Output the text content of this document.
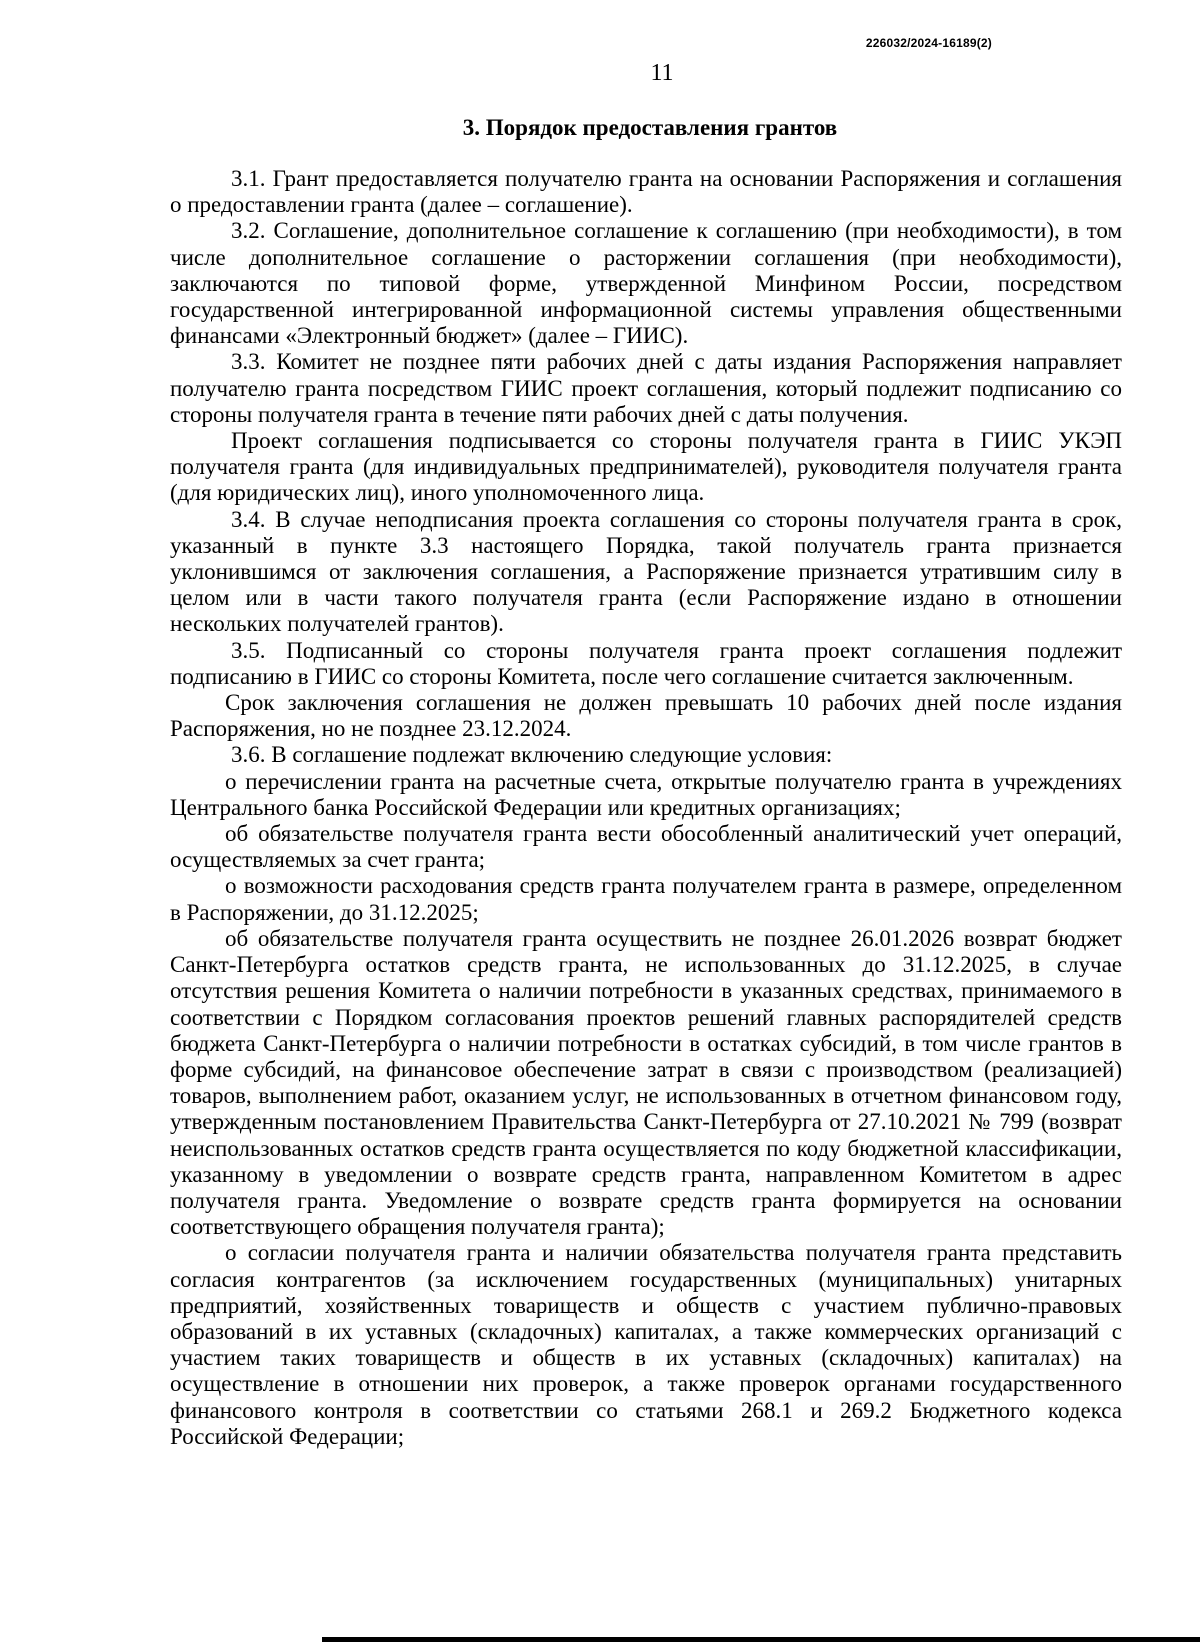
226032/2024-16189(2)
11
3. Порядок предоставления грантов

3.1. Грант предоставляется получателю гранта на основании Распоряжения и соглашения о предоставлении гранта (далее – соглашение).

3.2. Соглашение, дополнительное соглашение к соглашению (при необходимости), в том числе дополнительное соглашение о расторжении соглашения (при необходимости), заключаются по типовой форме, утвержденной Минфином России, посредством государственной интегрированной информационной системы управления общественными финансами «Электронный бюджет» (далее – ГИИС).

3.3. Комитет не позднее пяти рабочих дней с даты издания Распоряжения направляет получателю гранта посредством ГИИС проект соглашения, который подлежит подписанию со стороны получателя гранта в течение пяти рабочих дней с даты получения.

Проект соглашения подписывается со стороны получателя гранта в ГИИС УКЭП получателя гранта (для индивидуальных предпринимателей), руководителя получателя гранта (для юридических лиц), иного уполномоченного лица.

3.4. В случае неподписания проекта соглашения со стороны получателя гранта в срок, указанный в пункте 3.3 настоящего Порядка, такой получатель гранта признается уклонившимся от заключения соглашения, а Распоряжение признается утратившим силу в целом или в части такого получателя гранта (если Распоряжение издано в отношении нескольких получателей грантов).

3.5. Подписанный со стороны получателя гранта проект соглашения подлежит подписанию в ГИИС со стороны Комитета, после чего соглашение считается заключенным.

Срок заключения соглашения не должен превышать 10 рабочих дней после издания Распоряжения, но не позднее 23.12.2024.

3.6. В соглашение подлежат включению следующие условия:

о перечислении гранта на расчетные счета, открытые получателю гранта в учреждениях Центрального банка Российской Федерации или кредитных организациях;

об обязательстве получателя гранта вести обособленный аналитический учет операций, осуществляемых за счет гранта;

о возможности расходования средств гранта получателем гранта в размере, определенном в Распоряжении, до 31.12.2025;

об обязательстве получателя гранта осуществить не позднее 26.01.2026 возврат бюджет Санкт-Петербурга остатков средств гранта, не использованных до 31.12.2025, в случае отсутствия решения Комитета о наличии потребности в указанных средствах, принимаемого в соответствии с Порядком согласования проектов решений главных распорядителей средств бюджета Санкт-Петербурга о наличии потребности в остатках субсидий, в том числе грантов в форме субсидий, на финансовое обеспечение затрат в связи с производством (реализацией) товаров, выполнением работ, оказанием услуг, не использованных в отчетном финансовом году, утвержденным постановлением Правительства Санкт-Петербурга от 27.10.2021 № 799 (возврат неиспользованных остатков средств гранта осуществляется по коду бюджетной классификации, указанному в уведомлении о возврате средств гранта, направленном Комитетом в адрес получателя гранта. Уведомление о возврате средств гранта формируется на основании соответствующего обращения получателя гранта);

о согласии получателя гранта и наличии обязательства получателя гранта представить согласия контрагентов (за исключением государственных (муниципальных) унитарных предприятий, хозяйственных товариществ и обществ с участием публично-правовых образований в их уставных (складочных) капиталах, а также коммерческих организаций с участием таких товариществ и обществ в их уставных (складочных) капиталах) на осуществление в отношении них проверок, а также проверок органами государственного финансового контроля в соответствии со статьями 268.1 и 269.2 Бюджетного кодекса Российской Федерации;
